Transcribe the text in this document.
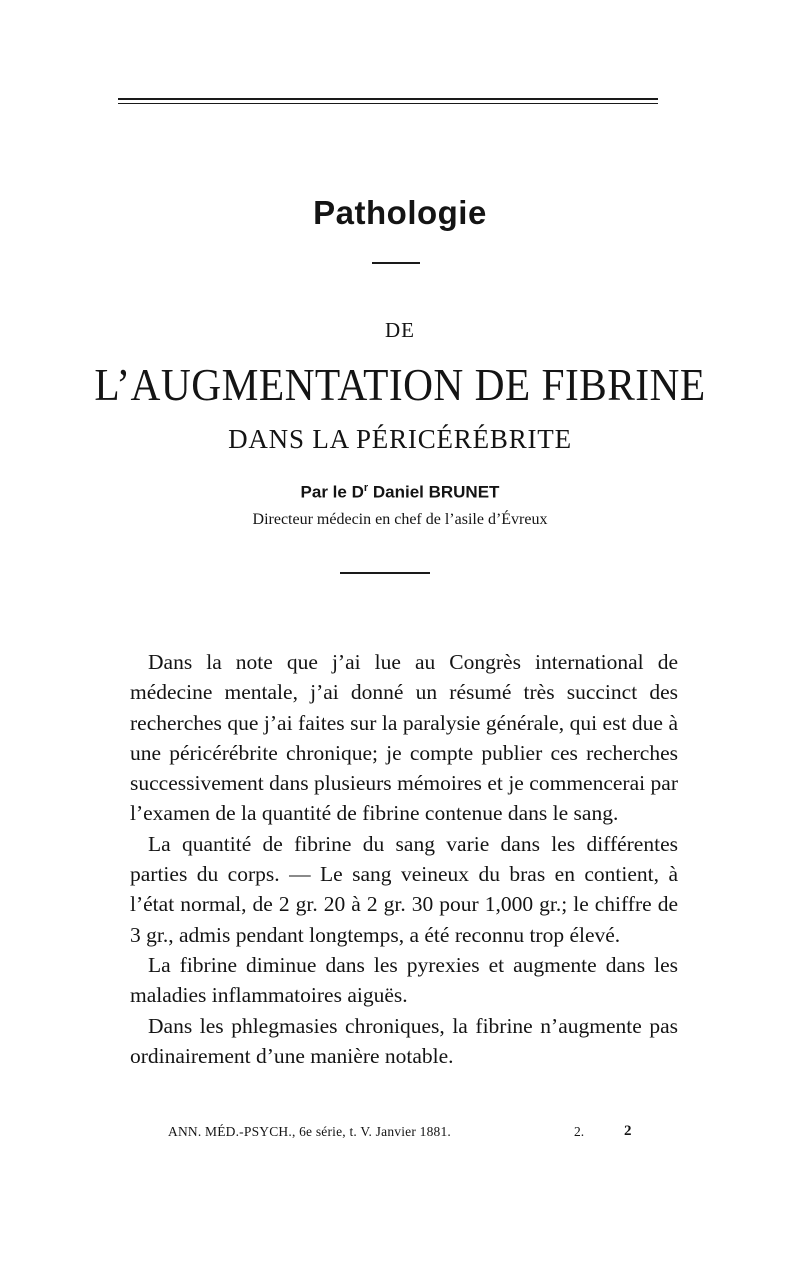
Pathologie
DE
L’AUGMENTATION DE FIBRINE
DANS LA PÉRICÉRÉBRITE
Par le $D^r$ Daniel BRUNET
Directeur médecin en chef de l’asile d’Évreux

Dans la note que j’ai lue au Congrès international de médecine mentale, j’ai donné un résumé très succinct des recherches que j’ai faites sur la paralysie générale, qui est due à une péricérébrite chronique; je compte publier ces recherches successivement dans plusieurs mémoires et je commencerai par l’examen de la quantité de fibrine contenue dans le sang.

La quantité de fibrine du sang varie dans les différentes parties du corps. — Le sang veineux du bras en contient, à l’état normal, de 2 gr. 20 à 2 gr. 30 pour 1,000 gr.; le chiffre de 3 gr., admis pendant longtemps, a été reconnu trop élevé.

La fibrine diminue dans les pyrexies et augmente dans les maladies inflammatoires aiguës.

Dans les phlegmasies chroniques, la fibrine n’augmente pas ordinairement d’une manière notable.

ANN. MÉD.-PSYCH., 6e série, t. V. Janvier 1881.	2.	2
